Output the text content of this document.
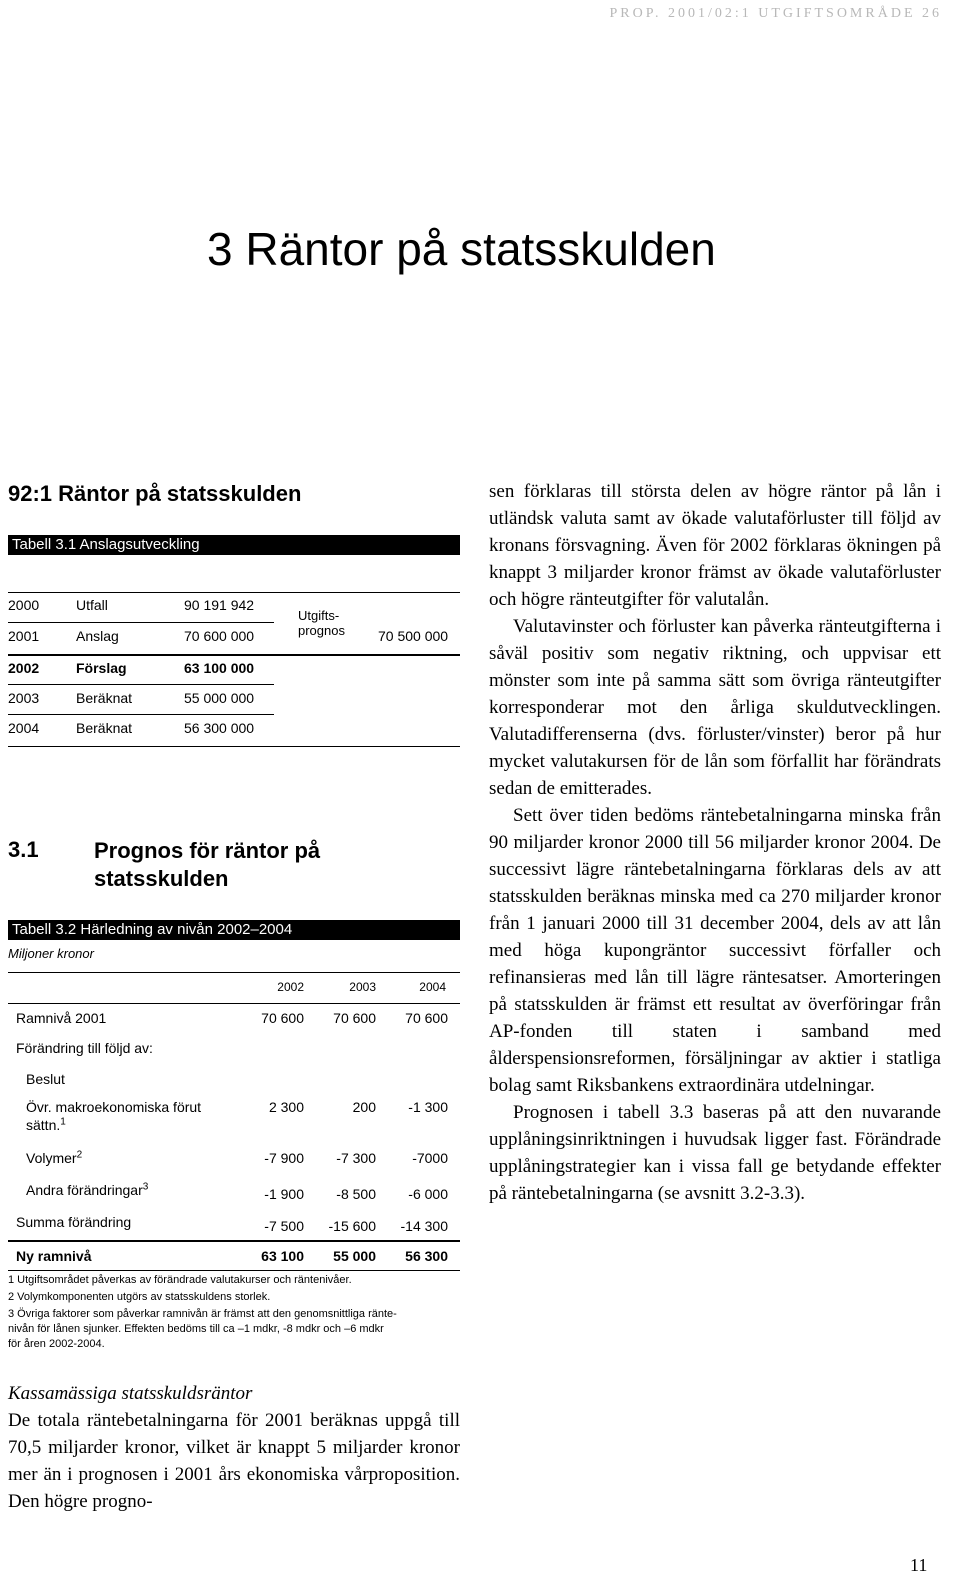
PROP. 2001/02:1 UTGIFTSOMRÅDE 26
3 Räntor på statsskulden
92:1 Räntor på statsskulden
Tabell 3.1 Anslagsutveckling
2000	Utfall	90 191 942
2001	Anslag	70 600 000
Utgifts-
prognos 70 500 000
2002	Förslag	63 100 000
2003	Beräknat	55 000 000
2004	Beräknat	56 300 000
3.1	Prognos för räntor på statsskulden
Tabell 3.2 Härledning av nivån 2002–2004
Miljoner kronor
2002	2003	2004
Ramnivå 2001	70 600	70 600	70 600
Förändring till följd av:
Beslut
Övr. makroekonomiska förut
sättn.$^1$
2 300	200	-1 300
Volymer$^2$	-7 900	-7 300	-7000
Andra förändringar$^3$	-1 900	-8 500	-6 000
Summa förändring	-7 500	-15 600	-14 300
Ny ramnivå	63 100	55 000	56 300
1 Utgiftsområdet påverkas av förändrade valutakurser och räntenivåer.
2 Volymkomponenten utgörs av statsskuldens storlek.
3 Övriga faktorer som påverkar ramnivån är främst att den genomsnittliga ränte-
nivån för lånen sjunker. Effekten bedöms till ca –1 mdkr, -8 mdkr och –6 mdkr
för åren 2002-2004.

sen förklaras till största delen av högre räntor på lån i utländsk valuta samt av ökade valutaförluster till följd av kronans försvagning. Även för 2002 förklaras ökningen på knappt 3 miljarder kronor främst av ökade valutaförluster och högre ränteutgifter för valutalån.

Valutavinster och förluster kan påverka ränteutgifterna i såväl positiv som negativ riktning, och uppvisar ett mönster som inte på samma sätt som övriga ränteutgifter korresponderar mot den årliga skuldutvecklingen. Valutadifferenserna (dvs. förluster/vinster) beror på hur mycket valutakursen för de lån som förfallit har förändrats sedan de emitterades.

Sett över tiden bedöms räntebetalningarna minska från 90 miljarder kronor 2000 till 56 miljarder kronor 2004. De successivt lägre räntebetalningarna förklaras dels av att statsskulden beräknas minska med ca 270 miljarder kronor från 1 januari 2000 till 31 december 2004, dels av att lån med höga kupongräntor successivt förfaller och refinansieras med lån till lägre räntesatser. Amorteringen på statsskulden är främst ett resultat av överföringar från AP-fonden till staten i samband med ålderspensionsreformen, försäljningar av aktier i statliga bolag samt Riksbankens extraordinära utdelningar.

Prognosen i tabell 3.3 baseras på att den nuvarande upplåningsinriktningen i huvudsak ligger fast. Förändrade upplåningstrategier kan i vissa fall ge betydande effekter på räntebetalningarna (se avsnitt 3.2-3.3).

Kassamässiga statsskuldsräntor

De totala räntebetalningarna för 2001 beräknas uppgå till 70,5 miljarder kronor, vilket är knappt 5 miljarder kronor mer än i prognosen i 2001 års ekonomiska vårproposition. Den högre progno-

11
